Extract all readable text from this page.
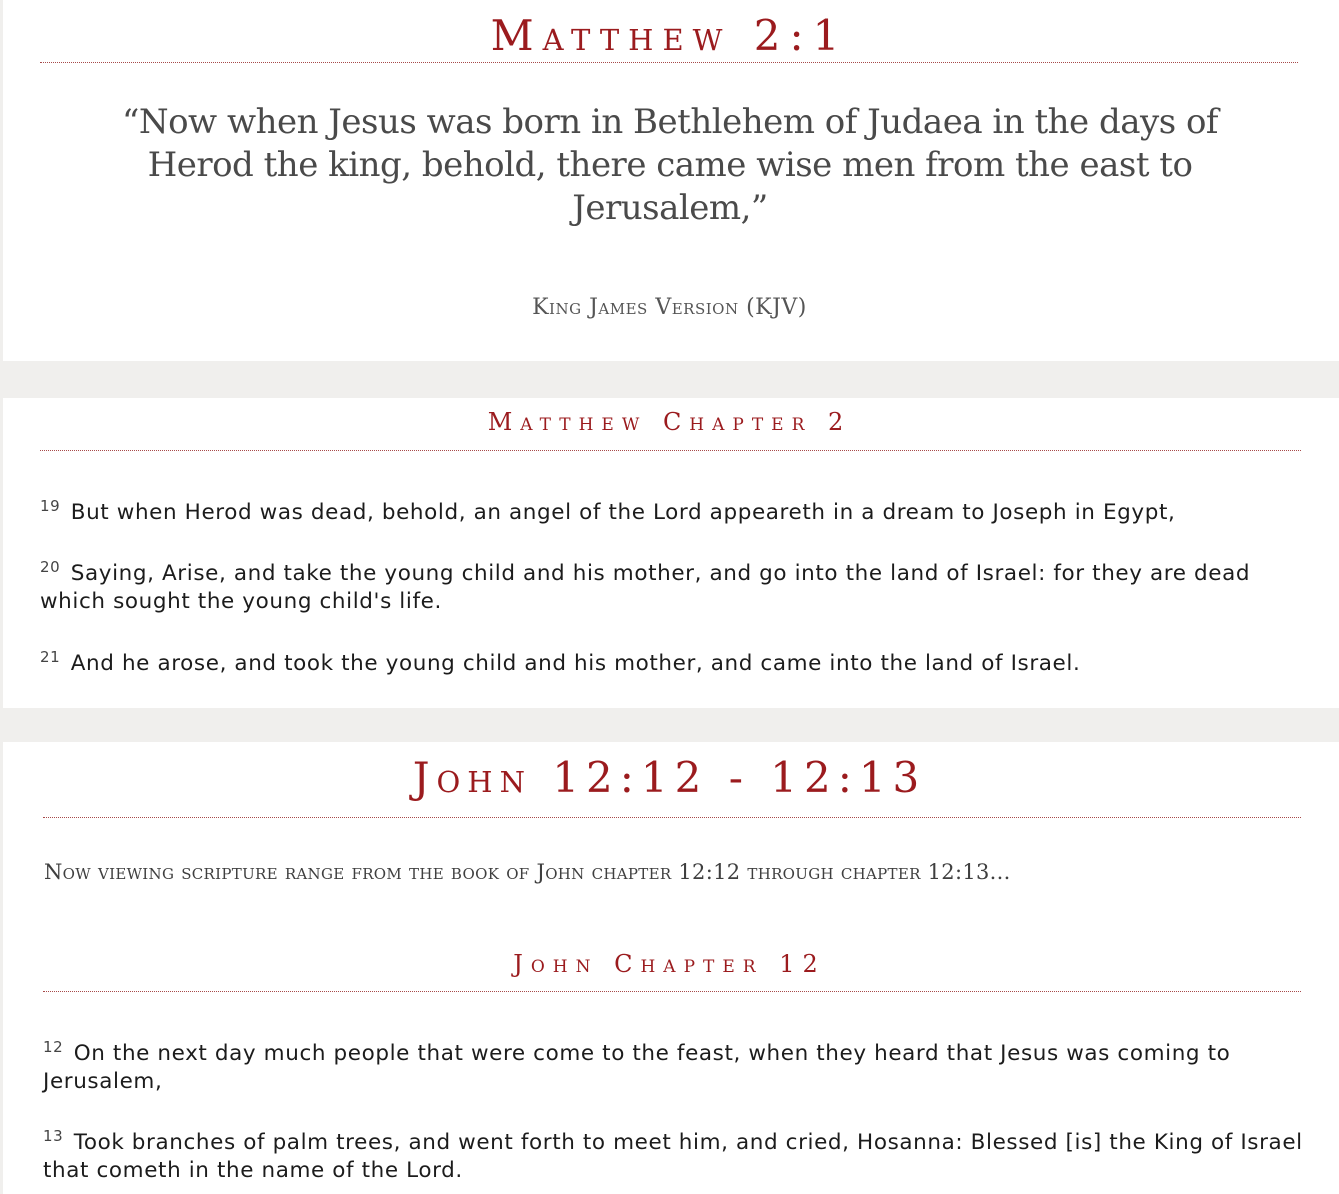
Matthew 2:1
“Now when Jesus was born in Bethlehem of Judaea in the days of Herod the king, behold, there came wise men from the east to Jerusalem,”
King James Version (KJV)
Matthew Chapter 2
$^{19}$ But when Herod was dead, behold, an angel of the Lord appeareth in a dream to Joseph in Egypt,
$^{20}$ Saying, Arise, and take the young child and his mother, and go into the land of Israel: for they are dead which sought the young child's life.
$^{21}$ And he arose, and took the young child and his mother, and came into the land of Israel.
John 12:12 - 12:13
Now viewing scripture range from the book of John chapter 12:12 through chapter 12:13...
John Chapter 12
$^{12}$ On the next day much people that were come to the feast, when they heard that Jesus was coming to Jerusalem,
$^{13}$ Took branches of palm trees, and went forth to meet him, and cried, Hosanna: Blessed [is] the King of Israel that cometh in the name of the Lord.
